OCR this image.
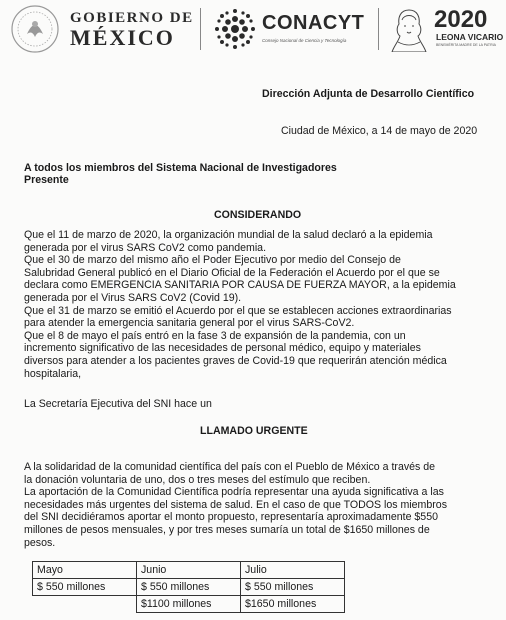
GOBIERNO DE
MÉXICO
CONACYT
Consejo Nacional de Ciencia y Tecnología
2020
LEONA VICARIO
BENEMÉRITA MADRE DE LA PATRIA
Dirección Adjunta de Desarrollo Científico
Ciudad de México, a 14 de mayo de 2020
A todos los miembros del Sistema Nacional de Investigadores
Presente
CONSIDERANDO
Que el 11 de marzo de 2020, la organización mundial de la salud declaró a la epidemia
generada por el virus SARS CoV2 como pandemia.
Que el 30 de marzo del mismo año el Poder Ejecutivo por medio del Consejo de
Salubridad General publicó en el Diario Oficial de la Federación el Acuerdo por el que se
declara como EMERGENCIA SANITARIA POR CAUSA DE FUERZA MAYOR, a la epidemia
generada por el Virus SARS CoV2 (Covid 19).
Que el 31 de marzo se emitió el Acuerdo por el que se establecen acciones extraordinarias
para atender la emergencia sanitaria general por el virus SARS-CoV2.
Que el 8 de mayo el país entró en la fase 3 de expansión de la pandemia, con un
incremento significativo de las necesidades de personal médico, equipo y materiales
diversos para atender a los pacientes graves de Covid-19 que requerirán atención médica
hospitalaria,
La Secretaría Ejecutiva del SNI hace un
LLAMADO URGENTE
A la solidaridad de la comunidad científica del país con el Pueblo de México a través de
la donación voluntaria de uno, dos o tres meses del estímulo que reciben.
La aportación de la Comunidad Científica podría representar una ayuda significativa a las
necesidades más urgentes del sistema de salud. En el caso de que TODOS los miembros
del SNI decidiéramos aportar el monto propuesto, representaría aproximadamente $550
millones de pesos mensuales, y por tres meses sumaría un total de $1650 millones de
pesos.
Mayo	Junio	Julio
$ 550 millones	$ 550 millones	$ 550 millones
	$1100 millones	$1650 millones
